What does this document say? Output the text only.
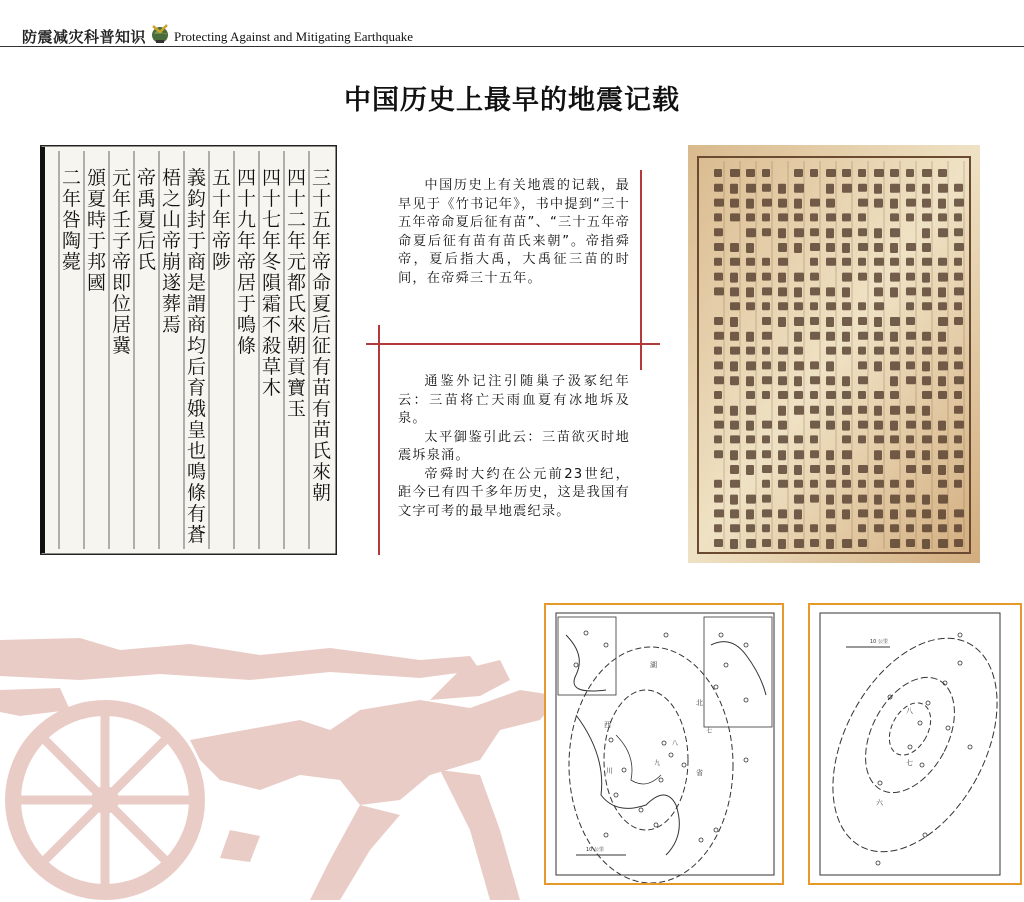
防震减灾科普知识 Protecting Against and Mitigating Earthquake
中国历史上最早的地震记载
三十五年帝命夏后征有苗有苗氏來朝
四十二年元都氏來朝貢寶玉
四十七年冬隕霜不殺草木
四十九年帝居于鳴條
五十年帝陟
義鈞封于商是謂商均后育娥皇也鳴條有蒼
梧之山帝崩遂葬焉
帝禹夏后氏
元年壬子帝即位居冀
頒夏時于邦國
二年咎陶薨

中国历史上有关地震的记载，最早见于《竹书记年》，书中提到“三十五年帝命夏后征有苗”、“三十五年帝命夏后征有苗有苗氏来朝”。帝指舜帝，夏后指大禹，大禹征三苗的时间，在帝舜三十五年。

通鉴外记注引随巢子汲冢纪年云：三苗将亡天雨血夏有冰地坼及泉。

太平御鉴引此云：三苗欲灭时地震坼泉涌。

帝舜时大约在公元前23世纪，距今已有四千多年历史，这是我国有文字可考的最早地震纪录。

湖
北
西
川	省
七
八
九
10 公里
八
七
六
10 公里
